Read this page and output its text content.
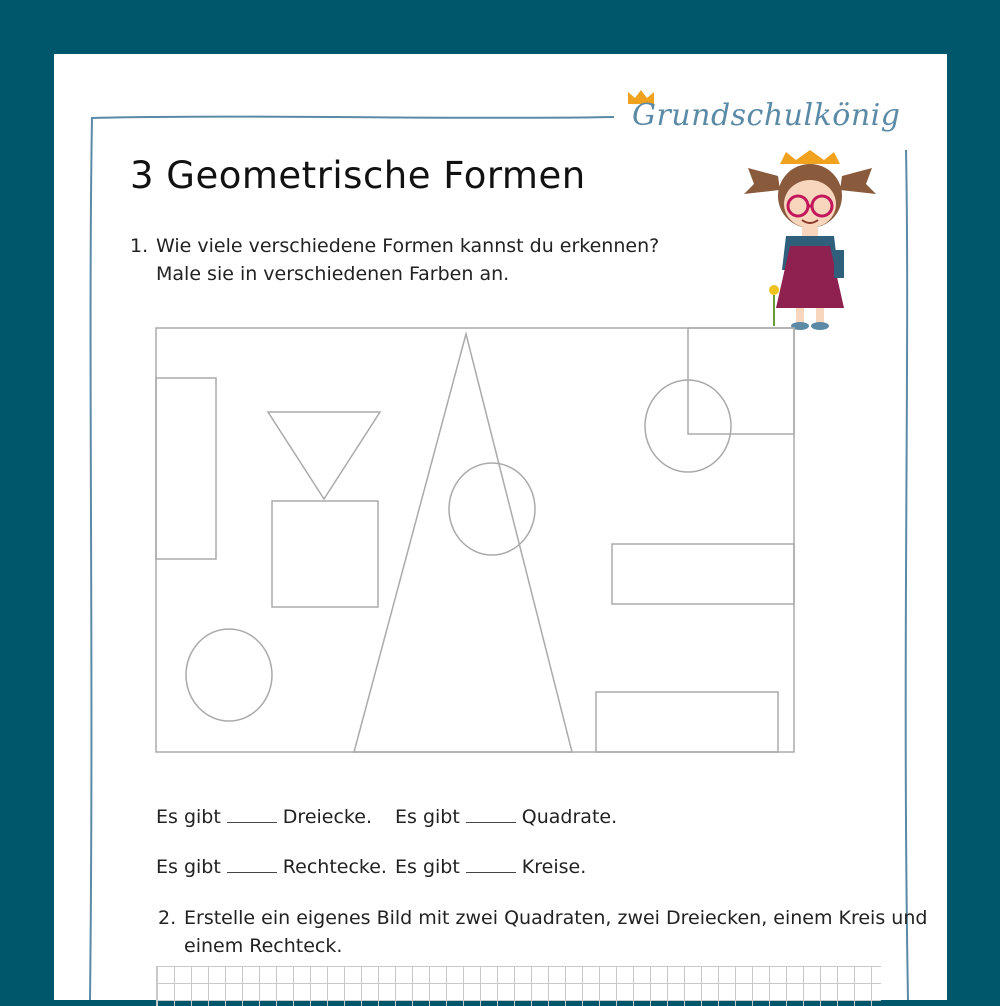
Grundschulkönig
3 Geometrische Formen
1. Wie viele verschiedene Formen kannst du erkennen?
Male sie in verschiedenen Farben an.
Es gibt	Dreiecke. Es gibt	Quadrate.
Es gibt	Rechtecke. Es gibt	Kreise.
2. Erstelle ein eigenes Bild mit zwei Quadraten, zwei Dreiecken, einem Kreis und
einem Rechteck.
